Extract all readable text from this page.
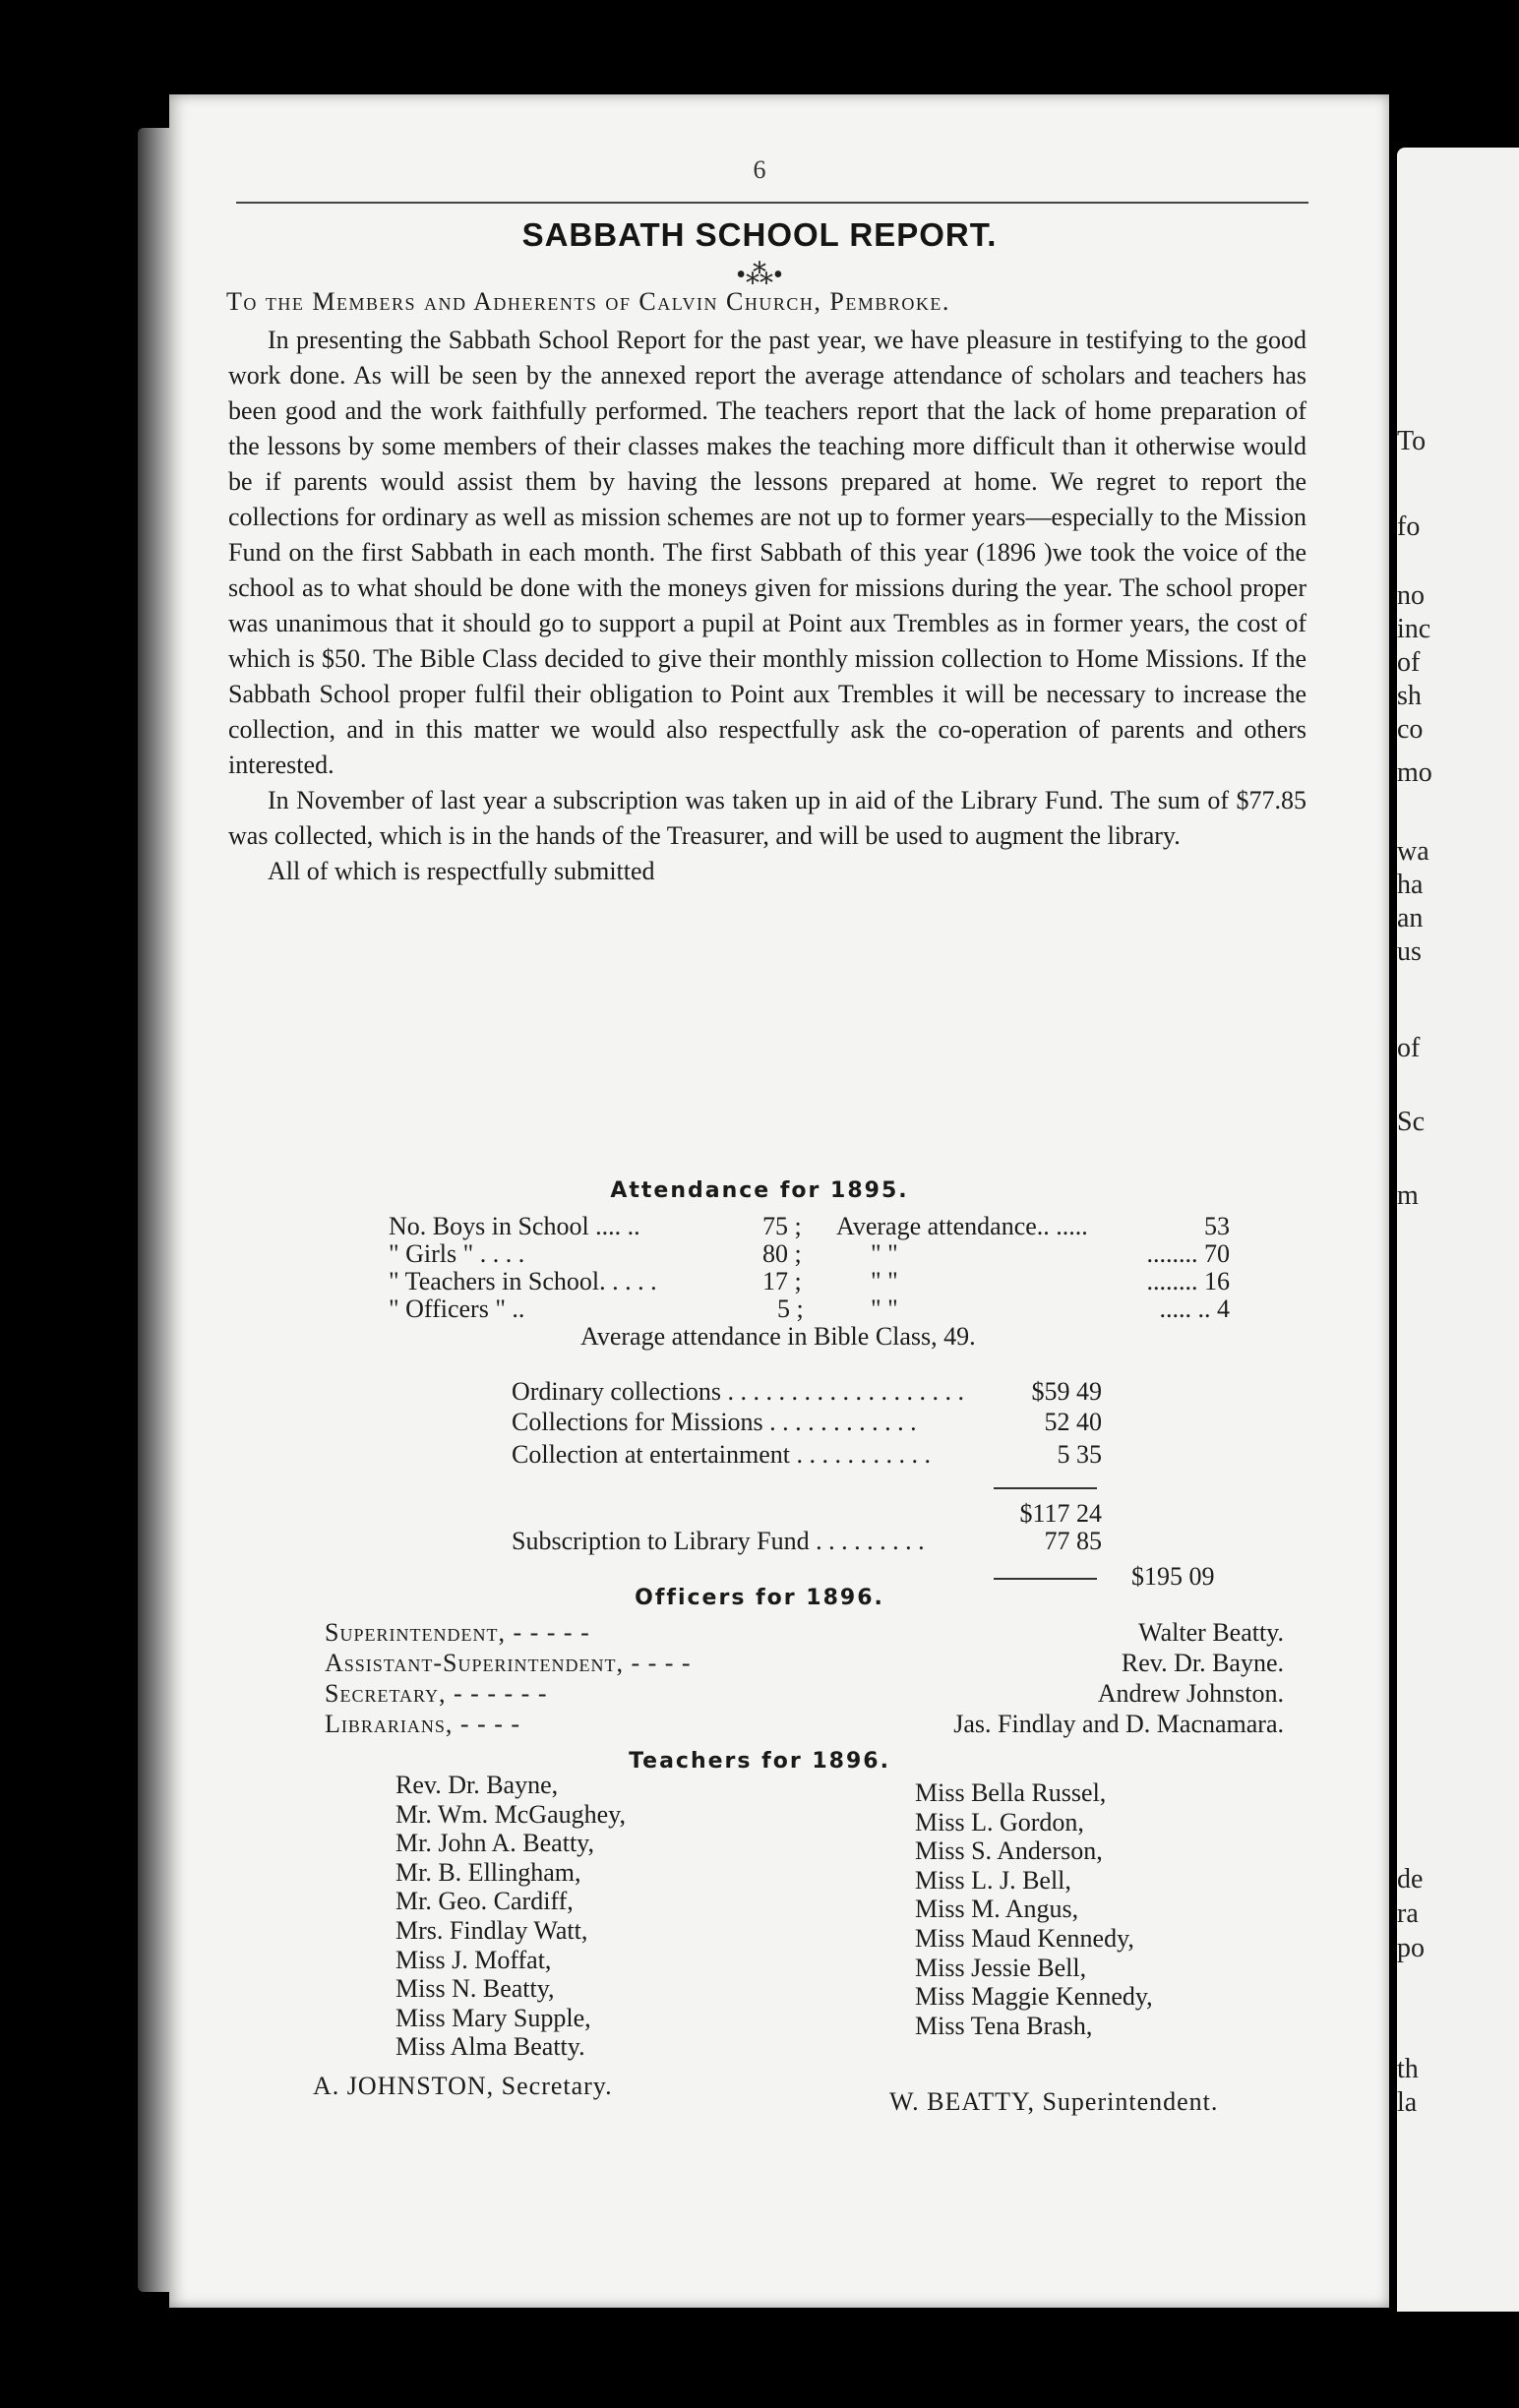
To
fo
no
inc
of
sh
co
mo
wa
ha
an
us
of
Sc
m
de
ra
po
th
la
6
SABBATH SCHOOL REPORT.
•⁂•
To the Members and Adherents of Calvin Church, Pembroke.

In presenting the Sabbath School Report for the past year, we have pleasure in testifying to the good work done. As will be seen by the annexed report the average attendance of scholars and teachers has been good and the work faithfully performed. The teachers report that the lack of home preparation of the lessons by some members of their classes makes the teaching more difficult than it otherwise would be if parents would assist them by having the lessons prepared at home. We regret to report the collections for ordinary as well as mission schemes are not up to former years—especially to the Mission Fund on the first Sabbath in each month. The first Sabbath of this year (1896 )we took the voice of the school as to what should be done with the moneys given for missions during the year. The school proper was unanimous that it should go to support a pupil at Point aux Trembles as in former years, the cost of which is $50. The Bible Class decided to give their monthly mission collection to Home Missions. If the Sabbath School proper fulfil their obligation to Point aux Trembles it will be necessary to increase the collection, and in this matter we would also respectfully ask the co-operation of parents and others interested.

In November of last year a subscription was taken up in aid of the Library Fund. The sum of $77.85 was collected, which is in the hands of the Treasurer, and will be used to augment the library.

All of which is respectfully submitted

Attendance for 1895.
No. Boys in School .... ..	75 ;	Average attendance.. .....	53
" Girls " . . . .	80 ;	" "	........ 70
" Teachers in School. . . . .	17 ;	" "	........ 16
" Officers " ..	5 ;	" "	..... .. 4
Average attendance in Bible Class, 49.
Ordinary collections . . . . . . . . . . . . . . . . . . .	$59 49
Collections for Missions . . . . . . . . . . . .	52 40
Collection at entertainment . . . . . . . . . . .	5 35
$117 24
Subscription to Library Fund . . . . . . . . .	77 85
$195 09
Officers for 1896.
Superintendent, - - - - -	Walter Beatty.
Assistant-Superintendent, - - - -	Rev. Dr. Bayne.
Secretary, - - - - - -	Andrew Johnston.
Librarians, - - - -	Jas. Findlay and D. Macnamara.
Teachers for 1896.
Rev. Dr. Bayne,
Mr. Wm. McGaughey,
Mr. John A. Beatty,
Mr. B. Ellingham,
Mr. Geo. Cardiff,
Mrs. Findlay Watt,
Miss J. Moffat,
Miss N. Beatty,
Miss Mary Supple,
Miss Alma Beatty.
Miss Bella Russel,
Miss L. Gordon,
Miss S. Anderson,
Miss L. J. Bell,
Miss M. Angus,
Miss Maud Kennedy,
Miss Jessie Bell,
Miss Maggie Kennedy,
Miss Tena Brash,
A. JOHNSTON, Secretary.
W. BEATTY, Superintendent.
